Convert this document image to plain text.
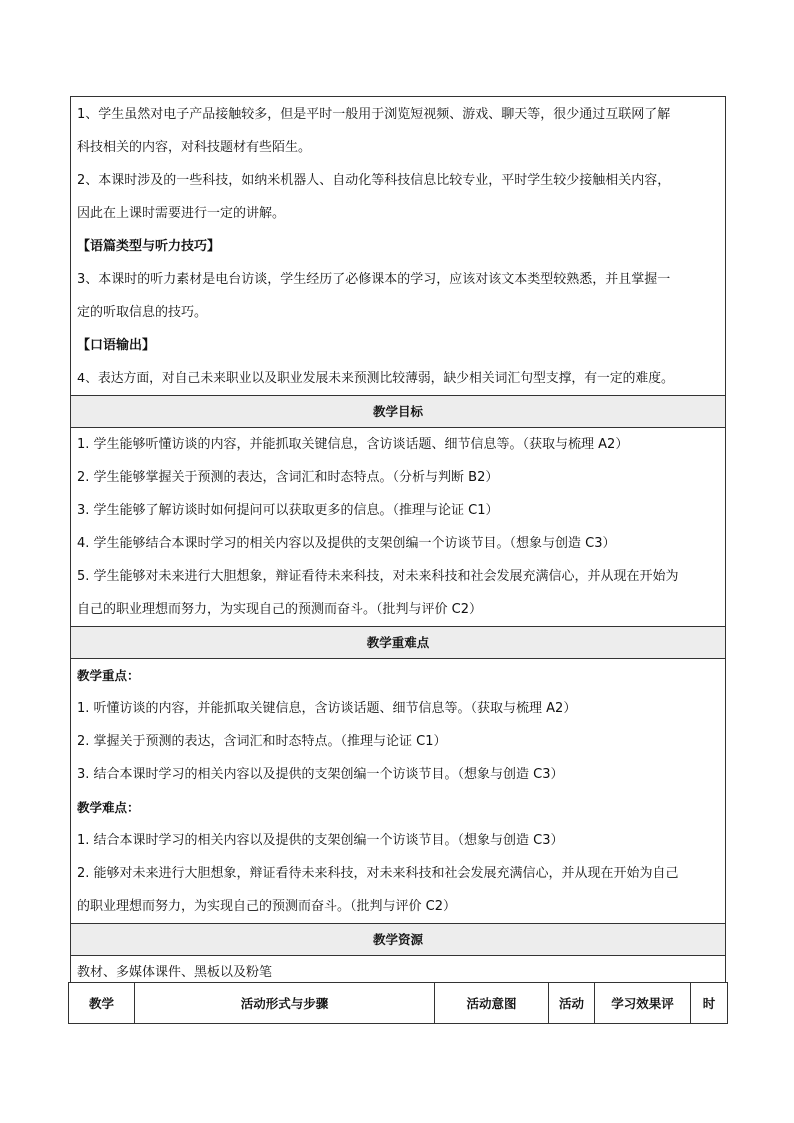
1、学生虽然对电子产品接触较多，但是平时一般用于浏览短视频、游戏、聊天等，很少通过互联网了解
科技相关的内容，对科技题材有些陌生。
2、本课时涉及的一些科技，如纳米机器人、自动化等科技信息比较专业，平时学生较少接触相关内容，
因此在上课时需要进行一定的讲解。
【语篇类型与听力技巧】
3、本课时的听力素材是电台访谈，学生经历了必修课本的学习，应该对该文本类型较熟悉，并且掌握一
定的听取信息的技巧。
【口语输出】
4、表达方面，对自己未来职业以及职业发展未来预测比较薄弱，缺少相关词汇句型支撑，有一定的难度。
教学目标
1. 学生能够听懂访谈的内容，并能抓取关键信息，含访谈话题、细节信息等。（获取与梳理 A2）
2. 学生能够掌握关于预测的表达，含词汇和时态特点。（分析与判断 B2）
3. 学生能够了解访谈时如何提问可以获取更多的信息。（推理与论证 C1）
4. 学生能够结合本课时学习的相关内容以及提供的支架创编一个访谈节目。（想象与创造 C3）
5. 学生能够对未来进行大胆想象，辩证看待未来科技，对未来科技和社会发展充满信心，并从现在开始为
自己的职业理想而努力，为实现自己的预测而奋斗。（批判与评价 C2）
教学重难点
教学重点：
1. 听懂访谈的内容，并能抓取关键信息，含访谈话题、细节信息等。（获取与梳理 A2）
2. 掌握关于预测的表达，含词汇和时态特点。（推理与论证 C1）
3. 结合本课时学习的相关内容以及提供的支架创编一个访谈节目。（想象与创造 C3）
教学难点：
1. 结合本课时学习的相关内容以及提供的支架创编一个访谈节目。（想象与创造 C3）
2. 能够对未来进行大胆想象，辩证看待未来科技，对未来科技和社会发展充满信心，并从现在开始为自己
的职业理想而努力，为实现自己的预测而奋斗。（批判与评价 C2）
教学资源
教材、多媒体课件、黑板以及粉笔
教学	活动形式与步骤	活动意图	活动	学习效果评	时
